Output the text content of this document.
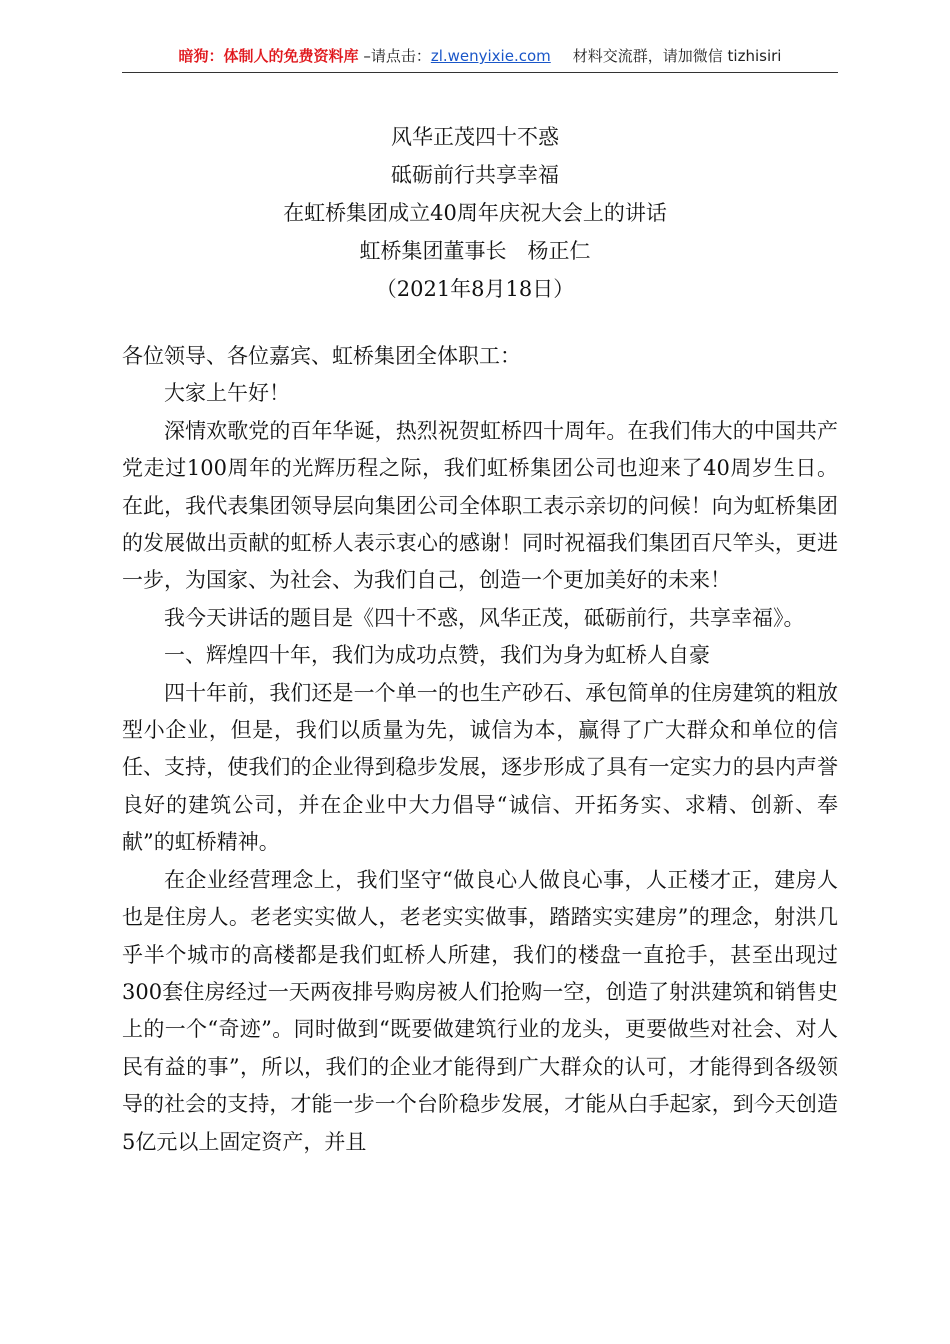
暗狗：体制人的免费资料库 –请点击：zl.wenyixie.com 材料交流群，请加微信 tizhisiri
风华正茂四十不惑
砥砺前行共享幸福
在虹桥集团成立40周年庆祝大会上的讲话
虹桥集团董事长　杨正仁
（2021年8月18日）

各位领导、各位嘉宾、虹桥集团全体职工：

大家上午好！

深情欢歌党的百年华诞，热烈祝贺虹桥四十周年。在我们伟大的中国共产党走过100周年的光辉历程之际，我们虹桥集团公司也迎来了40周岁生日。在此，我代表集团领导层向集团公司全体职工表示亲切的问候！向为虹桥集团的发展做出贡献的虹桥人表示衷心的感谢！同时祝福我们集团百尺竿头，更进一步，为国家、为社会、为我们自己，创造一个更加美好的未来！

我今天讲话的题目是《四十不惑，风华正茂，砥砺前行，共享幸福》。

一、辉煌四十年，我们为成功点赞，我们为身为虹桥人自豪

四十年前，我们还是一个单一的也生产砂石、承包简单的住房建筑的粗放型小企业，但是，我们以质量为先，诚信为本，赢得了广大群众和单位的信任、支持，使我们的企业得到稳步发展，逐步形成了具有一定实力的县内声誉良好的建筑公司，并在企业中大力倡导“诚信、开拓务实、求精、创新、奉献”的虹桥精神。

在企业经营理念上，我们坚守“做良心人做良心事，人正楼才正，建房人也是住房人。老老实实做人，老老实实做事，踏踏实实建房”的理念，射洪几乎半个城市的高楼都是我们虹桥人所建，我们的楼盘一直抢手，甚至出现过300套住房经过一天两夜排号购房被人们抢购一空，创造了射洪建筑和销售史上的一个“奇迹”。同时做到“既要做建筑行业的龙头，更要做些对社会、对人民有益的事”，所以，我们的企业才能得到广大群众的认可，才能得到各级领导的社会的支持，才能一步一个台阶稳步发展，才能从白手起家，到今天创造5亿元以上固定资产，并且
